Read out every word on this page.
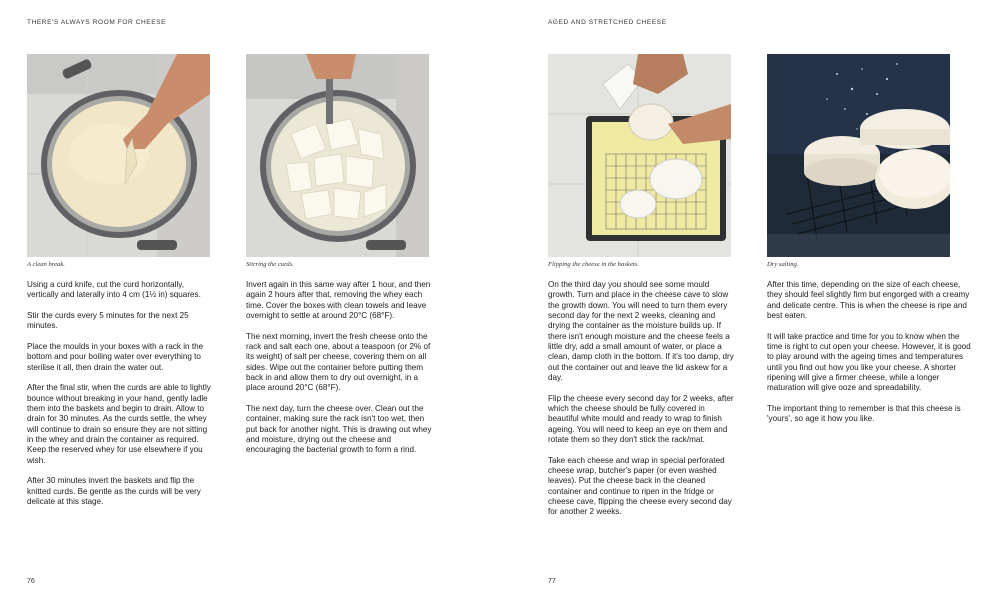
THERE'S ALWAYS ROOM FOR CHEESE	AGED AND STRETCHED CHEESE
A clean break.	Stirring the curds.	Flipping the cheese in the baskets.	Dry salting.

Using a curd knife, cut the curd horizontally, vertically and laterally into 4 cm (1½ in) squares.

Stir the curds every 5 minutes for the next 25 minutes.

Place the moulds in your boxes with a rack in the bottom and pour boiling water over everything to sterilise it all, then drain the water out.

After the final stir, when the curds are able to lightly bounce without breaking in your hand, gently ladle them into the baskets and begin to drain. Allow to drain for 30 minutes. As the curds settle, the whey will continue to drain so ensure they are not sitting in the whey and drain the container as required. Keep the reserved whey for use elsewhere if you wish.

After 30 minutes invert the baskets and flip the knitted curds. Be gentle as the curds will be very delicate at this stage.

Invert again in this same way after 1 hour, and then again 2 hours after that, removing the whey each time. Cover the boxes with clean towels and leave overnight to settle at around 20°C (68°F).

The next morning, invert the fresh cheese onto the rack and salt each one, about a teaspoon (or 2% of its weight) of salt per cheese, covering them on all sides. Wipe out the container before putting them back in and allow them to dry out overnight, in a place around 20°C (68°F).

The next day, turn the cheese over. Clean out the container, making sure the rack isn't too wet, then put back for another night. This is drawing out whey and moisture, drying out the cheese and encouraging the bacterial growth to form a rind.

On the third day you should see some mould growth. Turn and place in the cheese cave to slow the growth down. You will need to turn them every second day for the next 2 weeks, cleaning and drying the container as the moisture builds up. If there isn't enough moisture and the cheese feels a little dry, add a small amount of water, or place a clean, damp cloth in the bottom. If it's too damp, dry out the container out and leave the lid askew for a day.

Flip the cheese every second day for 2 weeks, after which the cheese should be fully covered in beautiful white mould and ready to wrap to finish ageing. You will need to keep an eye on them and rotate them so they don't stick the rack/mat.

Take each cheese and wrap in special perforated cheese wrap, butcher's paper (or even washed leaves). Put the cheese back in the cleaned container and continue to ripen in the fridge or cheese cave, flipping the cheese every second day for another 2 weeks.

After this time, depending on the size of each cheese, they should feel slightly firm but engorged with a creamy and delicate centre. This is when the cheese is ripe and best eaten.

It will take practice and time for you to know when the time is right to cut open your cheese. However, it is good to play around with the ageing times and temperatures until you find out how you like your cheese. A shorter ripening will give a firmer cheese, while a longer maturation will give ooze and spreadability.

The important thing to remember is that this cheese is 'yours', so age it how you like.

76	77
